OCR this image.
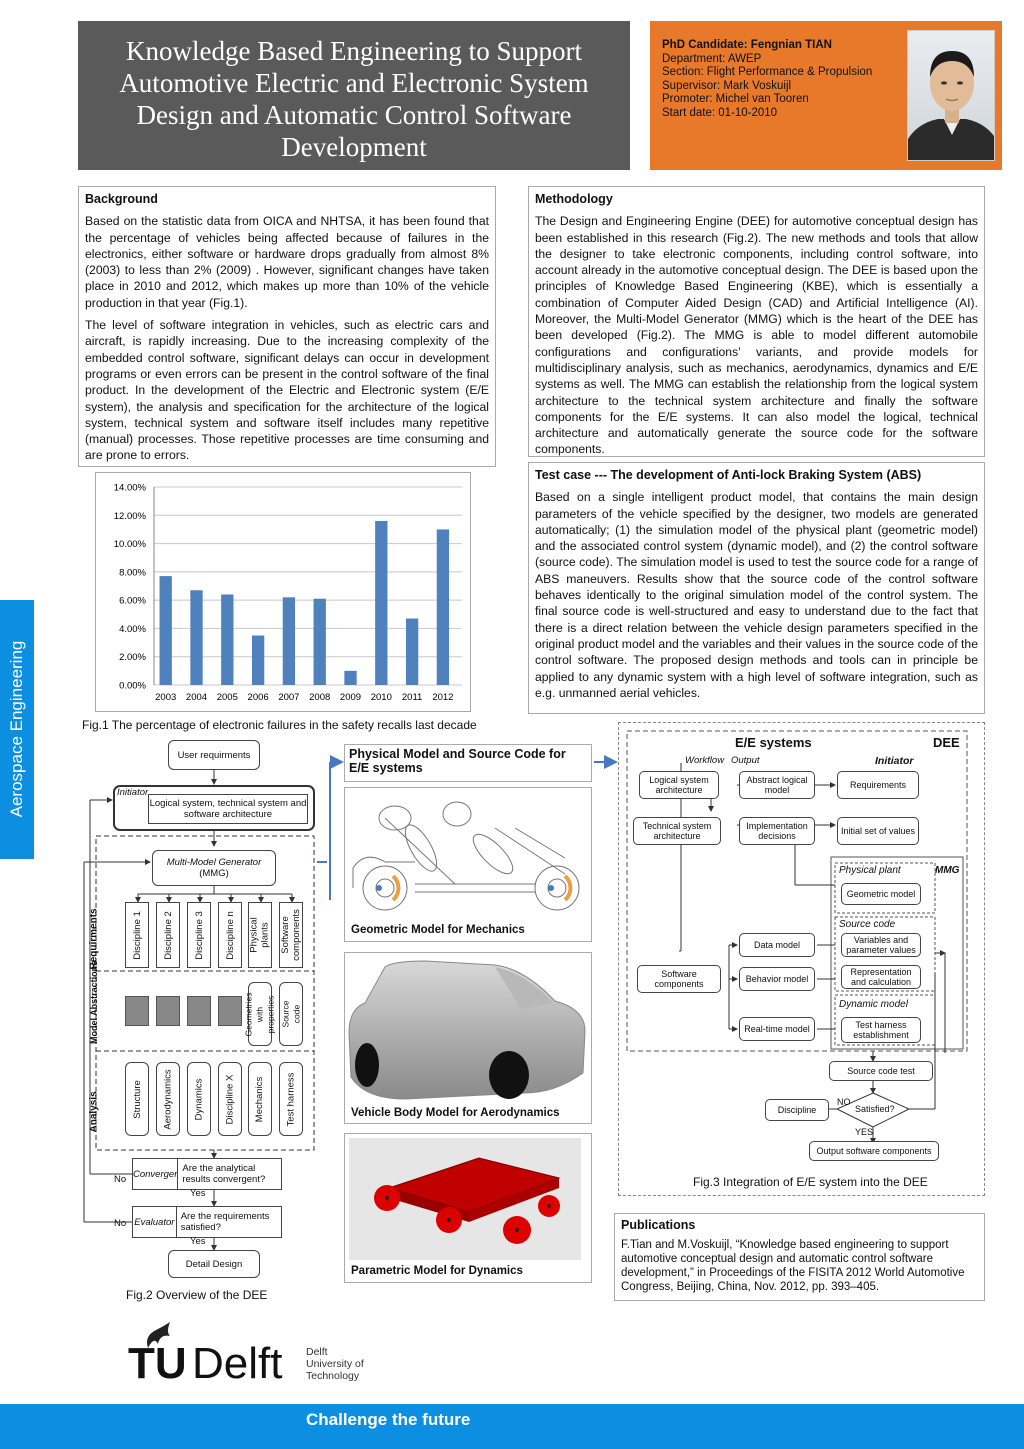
Knowledge Based Engineering to Support Automotive Electric and Electronic System Design and Automatic Control Software Development
PhD Candidate: Fengnian TIAN
Department: AWEP
Section: Flight Performance & Propulsion
Supervisor: Mark Voskuijl
Promoter: Michel van Tooren
Start date: 01-10-2010
Aerospace Engineering
Background

Based on the statistic data from OICA and NHTSA, it has been found that the percentage of vehicles being affected because of failures in the electronics, either software or hardware drops gradually from almost 8% (2003) to less than 2% (2009) . However, significant changes have taken place in 2010 and 2012, which makes up more than 10% of the vehicle production in that year (Fig.1).

The level of software integration in vehicles, such as electric cars and aircraft, is rapidly increasing. Due to the increasing complexity of the embedded control software, significant delays can occur in development programs or even errors can be present in the control software of the final product. In the development of the Electric and Electronic system (E/E system), the analysis and specification for the architecture of the logical system, technical system and software itself includes many repetitive (manual) processes. Those repetitive processes are time consuming and are prone to errors.

Methodology

The Design and Engineering Engine (DEE) for automotive conceptual design has been established in this research (Fig.2). The new methods and tools that allow the designer to take electronic components, including control software, into account already in the automotive conceptual design. The DEE is based upon the principles of Knowledge Based Engineering (KBE), which is essentially a combination of Computer Aided Design (CAD) and Artificial Intelligence (AI). Moreover, the Multi-Model Generator (MMG) which is the heart of the DEE has been developed (Fig.2). The MMG is able to model different automobile configurations and configurations’ variants, and provide models for multidisciplinary analysis, such as mechanics, aerodynamics, dynamics and E/E systems as well. The MMG can establish the relationship from the logical system architecture to the technical system architecture and finally the software components for the E/E systems. It can also model the logical, technical architecture and automatically generate the source code for the software components.

Test case --- The development of Anti-lock Braking System (ABS)

Based on a single intelligent product model, that contains the main design parameters of the vehicle specified by the designer, two models are generated automatically; (1) the simulation model of the physical plant (geometric model) and the associated control system (dynamic model), and (2) the control software (source code). The simulation model is used to test the source code for a range of ABS maneuvers. Results show that the source code of the control software behaves identically to the original simulation model of the control system. The final source code is well-structured and easy to understand due to the fact that there is a direct relation between the vehicle design parameters specified in the original product model and the variables and their values in the source code of the control software. The proposed design methods and tools can in principle be applied to any dynamic system with a high level of software integration, such as e.g. unmanned aerial vehicles.

0.00%
2.00%
4.00%
6.00%
8.00%
10.00%
12.00%
14.00%
2003 2004 2005 2006 2007 2008 2009 2010 2011 2012
Fig.1 The percentage of electronic failures in the safety recalls last decade
User requirments
Initiator
Logical system, technical system and software architecture
Multi-Model Generator
(MMG)
Requirments	Discipline 1 Discipline 2 Discipline 3 Discipline n Physical plants Software components
Model Abstractions	Geometries with properties Source code
Analysis	Structure Aerodynamics Dynamics Discipline X Mechanics Test harness
Converger Are the analytical results convergent?
No
Yes
Evaluator Are the requirements satisfied?
No
Yes
Detail Design
Fig.2 Overview of the DEE
Physical Model and Source Code for E/E systems
Geometric Model for Mechanics
Vehicle Body Model for Aerodynamics
Parametric Model for Dynamics
E/E systems	DEE
Workflow Output	Initiator
Logical system architecture
Abstract logical model
Requirements
Technical system architecture
Implementation decisions
Initial set of values
Physical plant	MMG
Geometric model
Source code
Variables and parameter values
Representation and calculation
Dynamic model
Test harness establishment
Data model
Behavior model
Real-time model
Software components
Source code test
Discipline
NO
Satisfied?
YES
Output software components
Fig.3 Integration of E/E system into the DEE
Publications

F.Tian and M.Voskuijl, “Knowledge based engineering to support automotive conceptual design and automatic control software development,” in Proceedings of the FISITA 2012 World Automotive Congress, Beijing, China, Nov. 2012, pp. 393–405.

TU Delft Delft
University of
Technology
Challenge the future
